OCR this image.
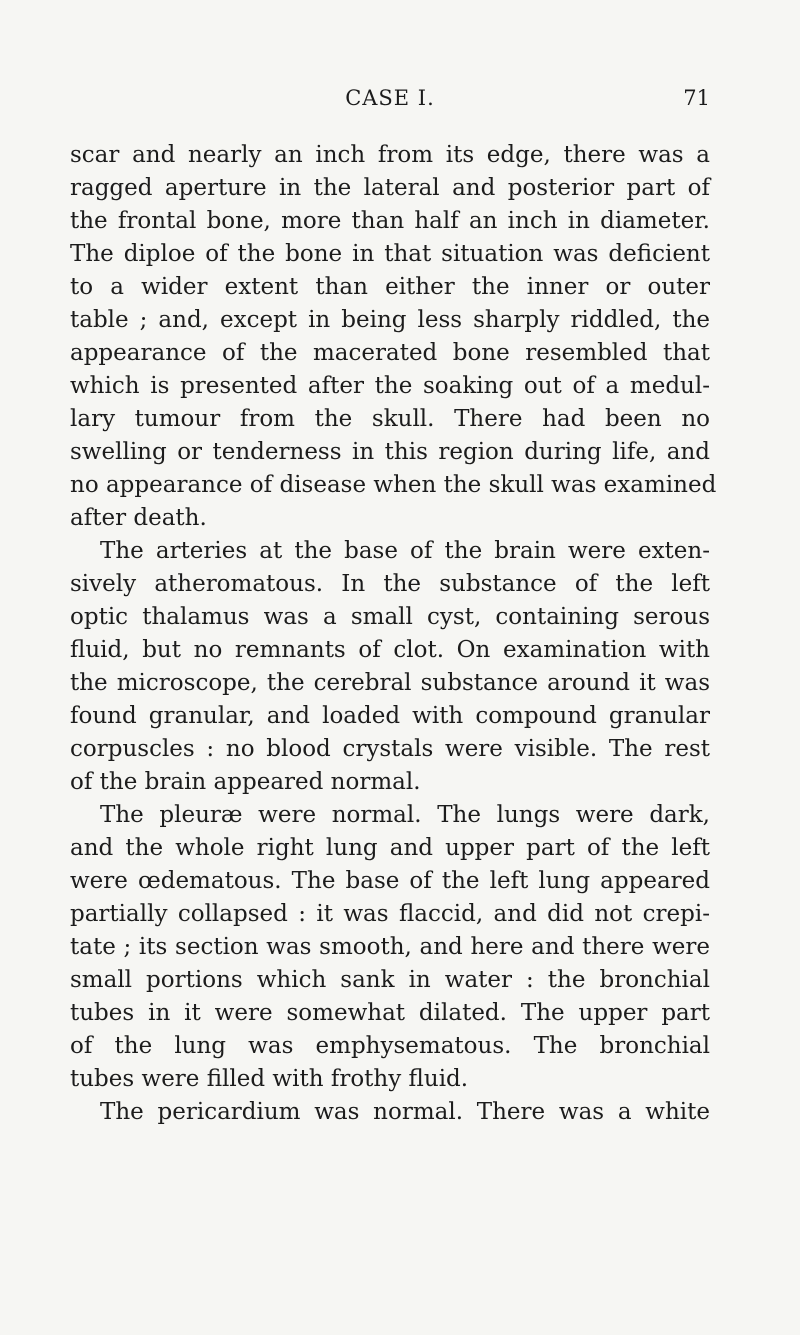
CASE I.	71
scar and nearly an inch from its edge, there was a
ragged aperture in the lateral and posterior part of
the frontal bone, more than half an inch in diameter.
The diploe of the bone in that situation was deficient
to a wider extent than either the inner or outer
table ; and, except in being less sharply riddled, the
appearance of the macerated bone resembled that
which is presented after the soaking out of a medul-
lary tumour from the skull. There had been no
swelling or tenderness in this region during life, and
no appearance of disease when the skull was examined
after death.
The arteries at the base of the brain were exten-
sively atheromatous. In the substance of the left
optic thalamus was a small cyst, containing serous
fluid, but no remnants of clot. On examination with
the microscope, the cerebral substance around it was
found granular, and loaded with compound granular
corpuscles : no blood crystals were visible. The rest
of the brain appeared normal.
The pleuræ were normal. The lungs were dark,
and the whole right lung and upper part of the left
were œdematous. The base of the left lung appeared
partially collapsed : it was flaccid, and did not crepi-
tate ; its section was smooth, and here and there were
small portions which sank in water : the bronchial
tubes in it were somewhat dilated. The upper part
of the lung was emphysematous. The bronchial
tubes were filled with frothy fluid.
The pericardium was normal. There was a white
